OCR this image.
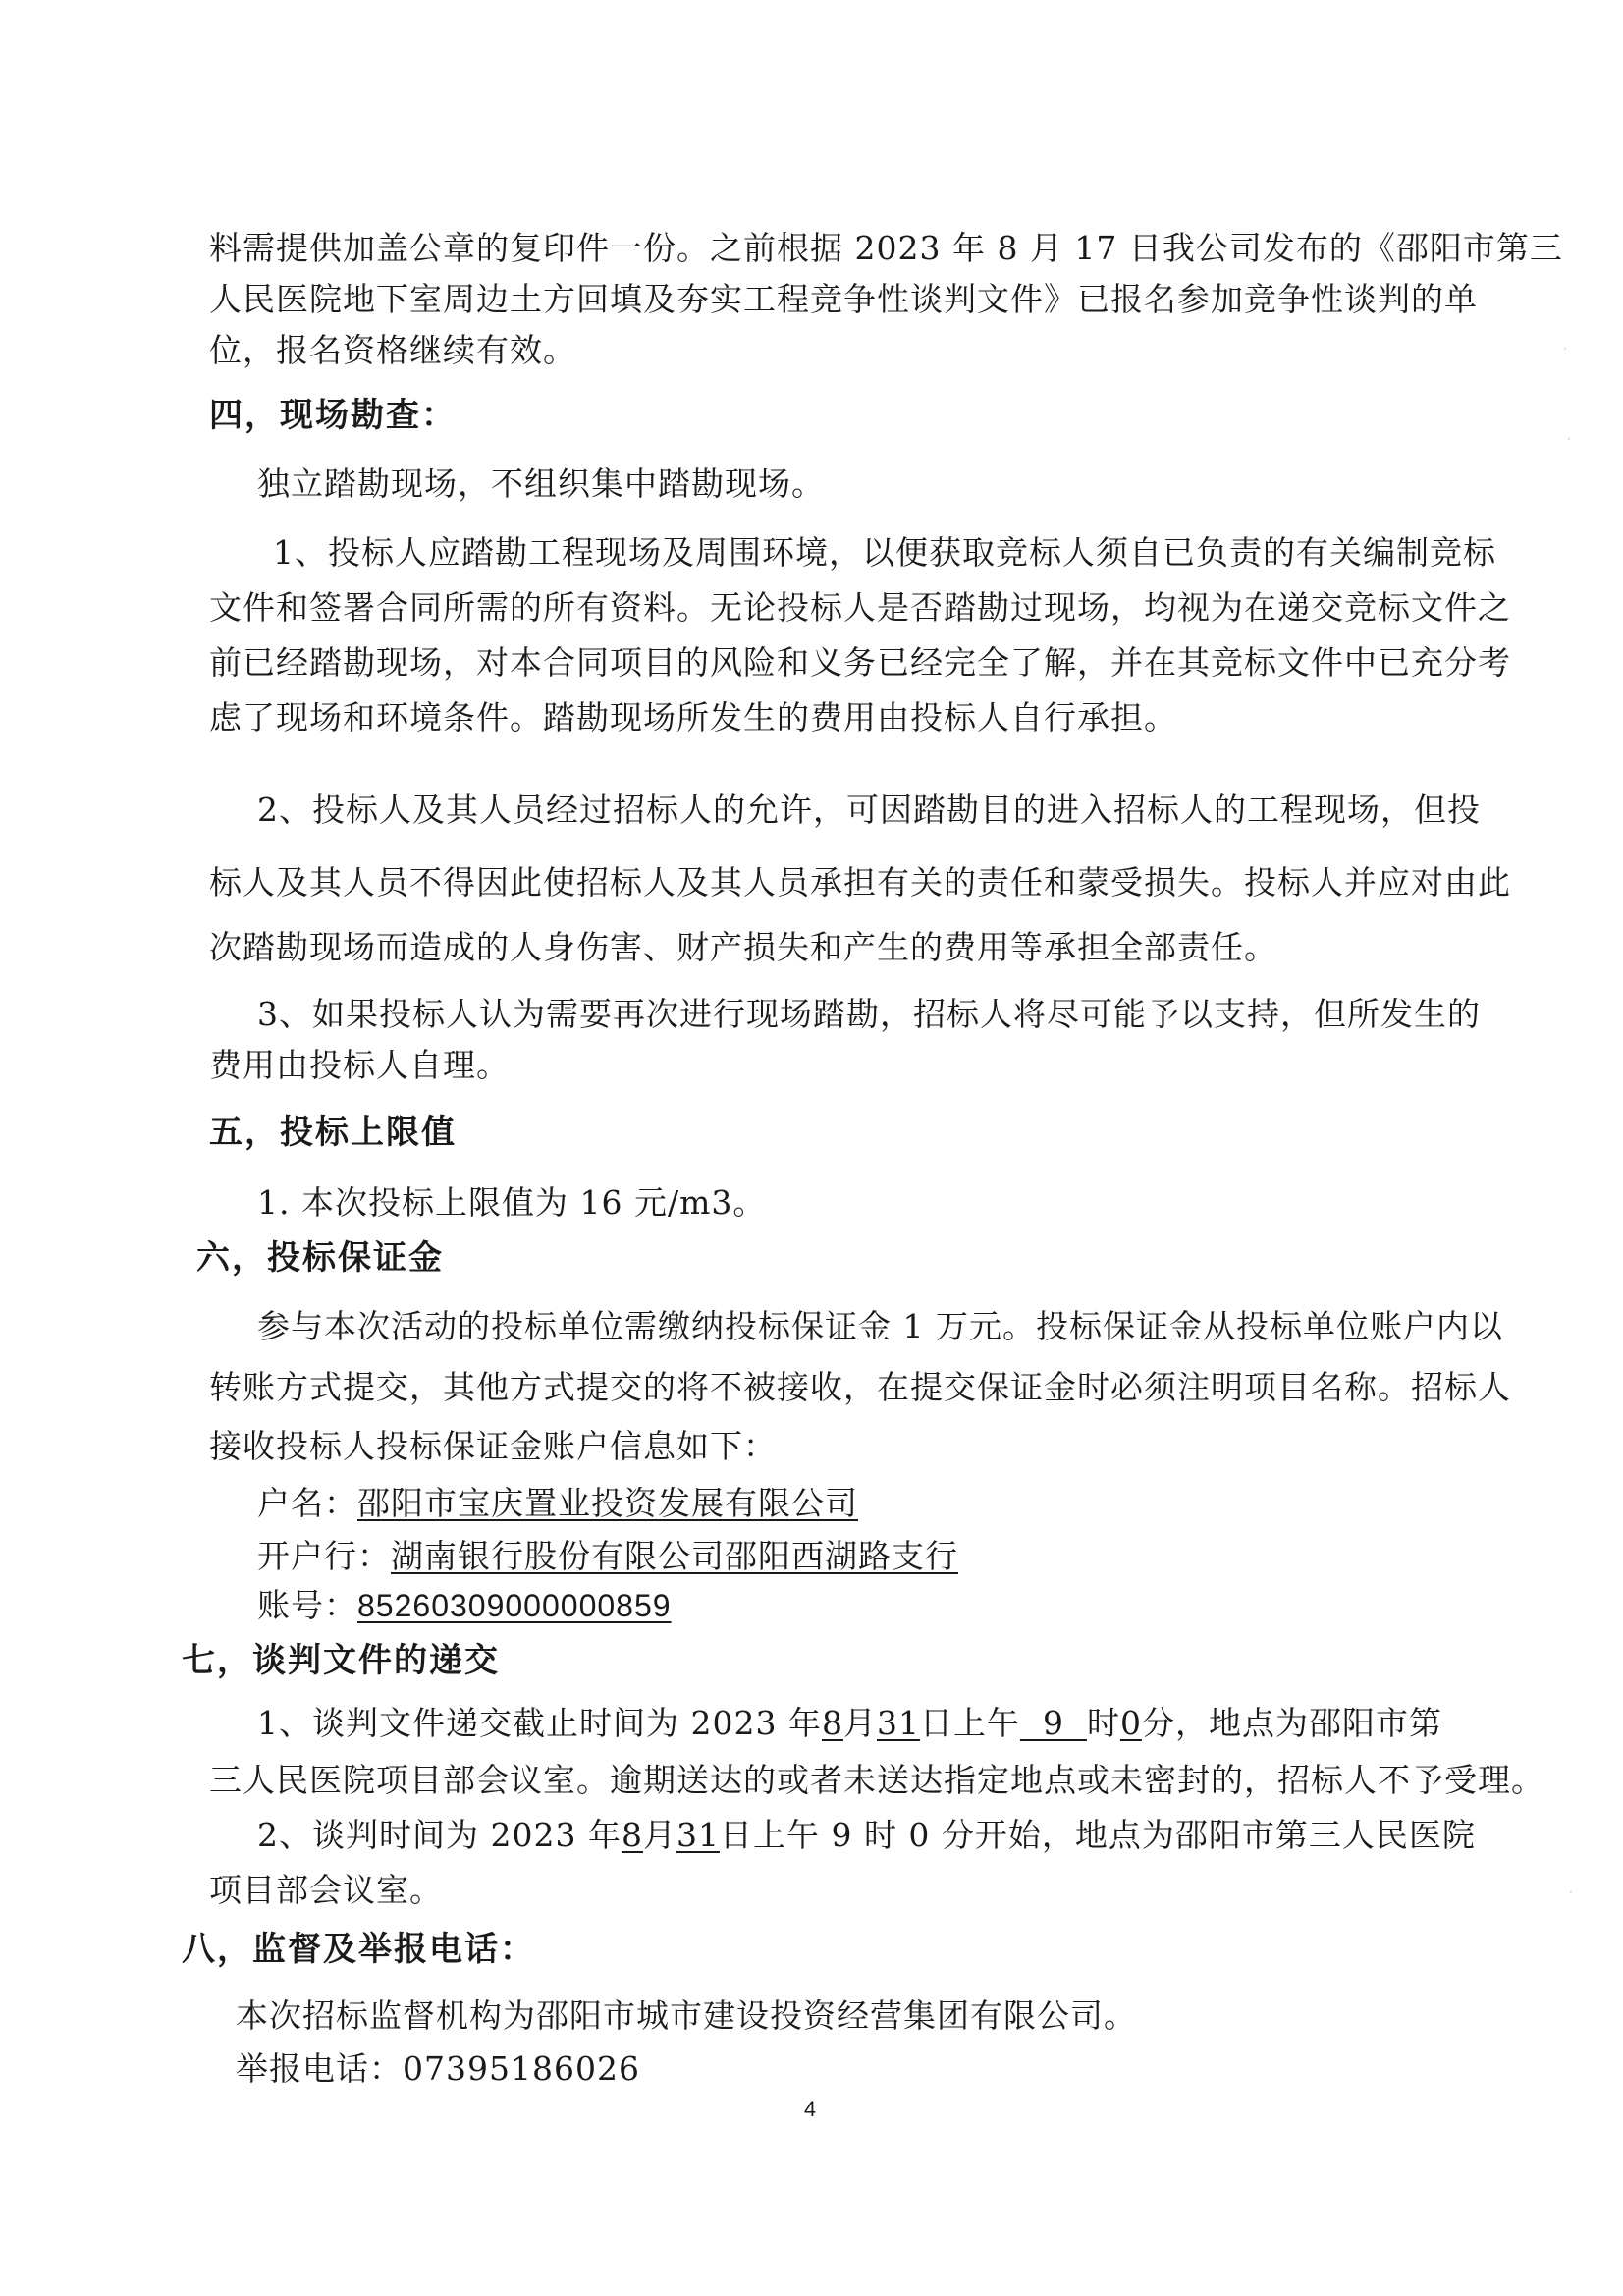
料需提供加盖公章的复印件一份。之前根据 2023 年 8 月 17 日我公司发布的《邵阳市第三
人民医院地下室周边土方回填及夯实工程竞争性谈判文件》已报名参加竞争性谈判的单
位，报名资格继续有效。
四，现场勘查：
独立踏勘现场，不组织集中踏勘现场。
1、投标人应踏勘工程现场及周围环境，以便获取竞标人须自已负责的有关编制竞标
文件和签署合同所需的所有资料。无论投标人是否踏勘过现场，均视为在递交竞标文件之
前已经踏勘现场，对本合同项目的风险和义务已经完全了解，并在其竞标文件中已充分考
虑了现场和环境条件。踏勘现场所发生的费用由投标人自行承担。
2、投标人及其人员经过招标人的允许，可因踏勘目的进入招标人的工程现场，但投
标人及其人员不得因此使招标人及其人员承担有关的责任和蒙受损失。投标人并应对由此
次踏勘现场而造成的人身伤害、财产损失和产生的费用等承担全部责任。
3、如果投标人认为需要再次进行现场踏勘，招标人将尽可能予以支持，但所发生的
费用由投标人自理。
五，投标上限值
1. 本次投标上限值为 16 元/m3。
六，投标保证金
参与本次活动的投标单位需缴纳投标保证金 1 万元。投标保证金从投标单位账户内以
转账方式提交，其他方式提交的将不被接收，在提交保证金时必须注明项目名称。招标人
接收投标人投标保证金账户信息如下：
户名：邵阳市宝庆置业投资发展有限公司
开户行：湖南银行股份有限公司邵阳西湖路支行
账号：85260309000000859
七，谈判文件的递交
1、谈判文件递交截止时间为 2023 年8月31日上午  9  时0分，地点为邵阳市第
三人民医院项目部会议室。逾期送达的或者未送达指定地点或未密封的，招标人不予受理。
2、谈判时间为 2023 年8月31日上午 9 时 0 分开始，地点为邵阳市第三人民医院
项目部会议室。
八，监督及举报电话：
本次招标监督机构为邵阳市城市建设投资经营集团有限公司。
举报电话：07395186026
4
·
·
·
